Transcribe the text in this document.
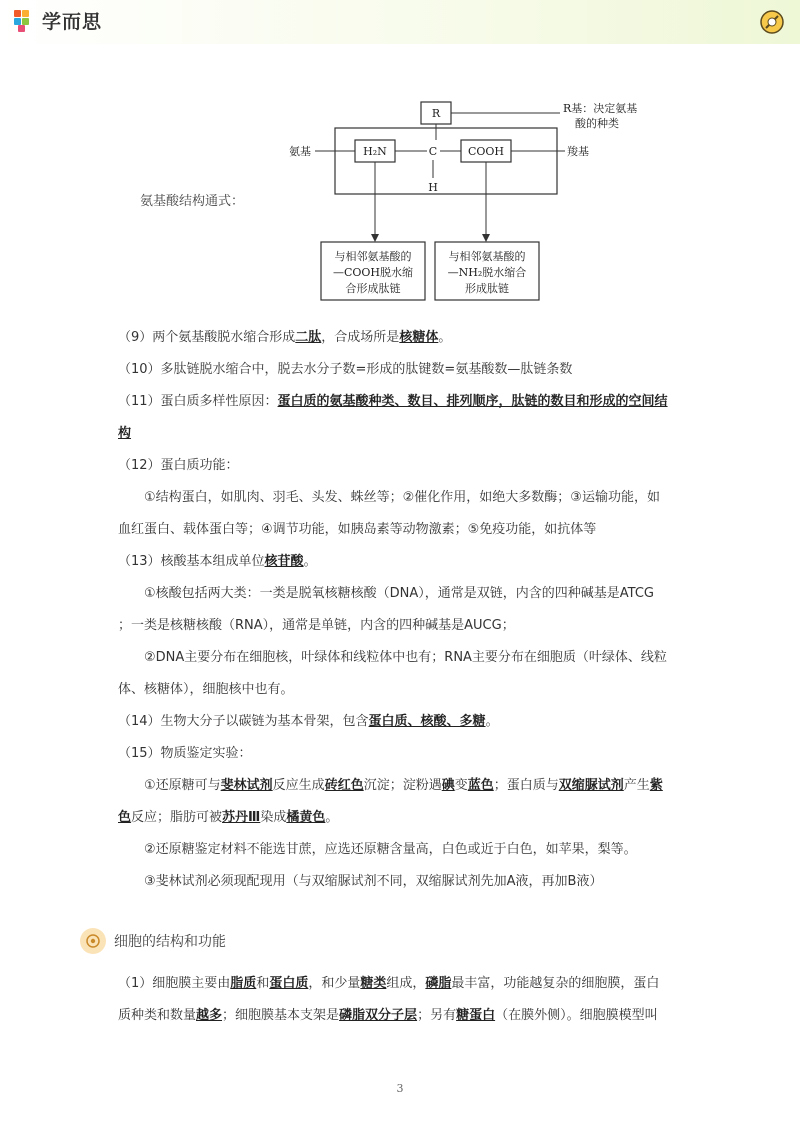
学而思
氨基酸结构通式：
R	R基：决定氨基
酸的种类
H₂N	C
H
COOH
氨基	羧基
与相邻氨基酸的
—COOH脱水缩
合形成肽链
与相邻氨基酸的
—NH₂脱水缩合
形成肽链

（9）两个氨基酸脱水缩合形成二肽，合成场所是核糖体。

（10）多肽链脱水缩合中，脱去水分子数=形成的肽键数=氨基酸数—肽链条数

（11）蛋白质多样性原因：蛋白质的氨基酸种类、数目、排列顺序，肽链的数目和形成的空间结

构

（12）蛋白质功能：

①结构蛋白，如肌肉、羽毛、头发、蛛丝等；②催化作用，如绝大多数酶；③运输功能，如

血红蛋白、载体蛋白等；④调节功能，如胰岛素等动物激素；⑤免疫功能，如抗体等

（13）核酸基本组成单位核苷酸。

①核酸包括两大类：一类是脱氧核糖核酸（DNA），通常是双链，内含的四种碱基是ATCG

；一类是核糖核酸（RNA），通常是单链，内含的四种碱基是AUCG；

②DNA主要分布在细胞核，叶绿体和线粒体中也有；RNA主要分布在细胞质（叶绿体、线粒

体、核糖体），细胞核中也有。

（14）生物大分子以碳链为基本骨架，包含蛋白质、核酸、多糖。

（15）物质鉴定实验：

①还原糖可与斐林试剂反应生成砖红色沉淀；淀粉遇碘变蓝色；蛋白质与双缩脲试剂产生紫

色反应；脂肪可被苏丹Ⅲ染成橘黄色。

②还原糖鉴定材料不能选甘蔗，应选还原糖含量高，白色或近于白色，如苹果，梨等。

③斐林试剂必须现配现用（与双缩脲试剂不同，双缩脲试剂先加A液，再加B液）

细胞的结构和功能

（1）细胞膜主要由脂质和蛋白质，和少量糖类组成，磷脂最丰富，功能越复杂的细胞膜，蛋白

质种类和数量越多；细胞膜基本支架是磷脂双分子层；另有糖蛋白（在膜外侧）。细胞膜模型叫

3
